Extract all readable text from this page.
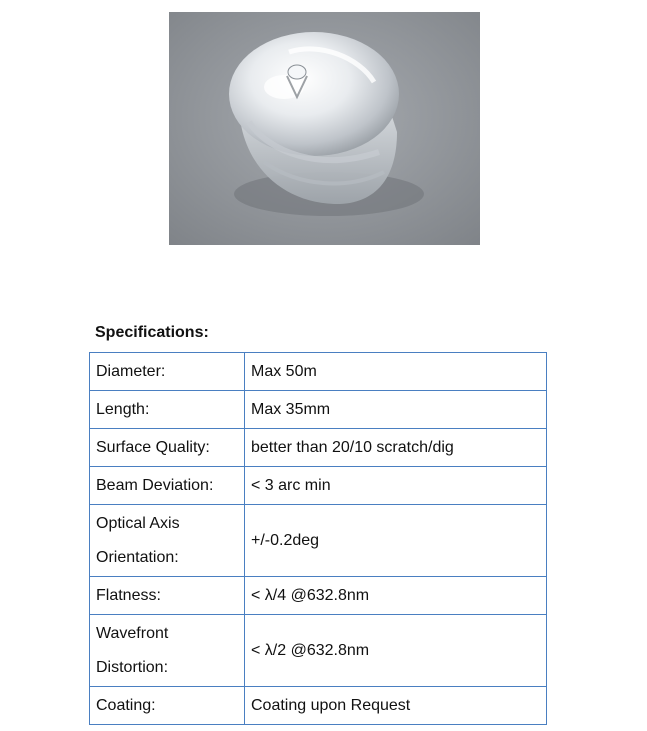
Specifications:
Diameter:	Max 50m

Length:	Max 35mm

Surface Quality:	better than 20/10 scratch/dig

Beam Deviation:	< 3 arc min

Optical Axis
Orientation:	+/-0.2deg

Flatness:	< λ/4 @632.8nm

Wavefront
Distortion:	< λ/2 @632.8nm

Coating:	Coating upon Request
